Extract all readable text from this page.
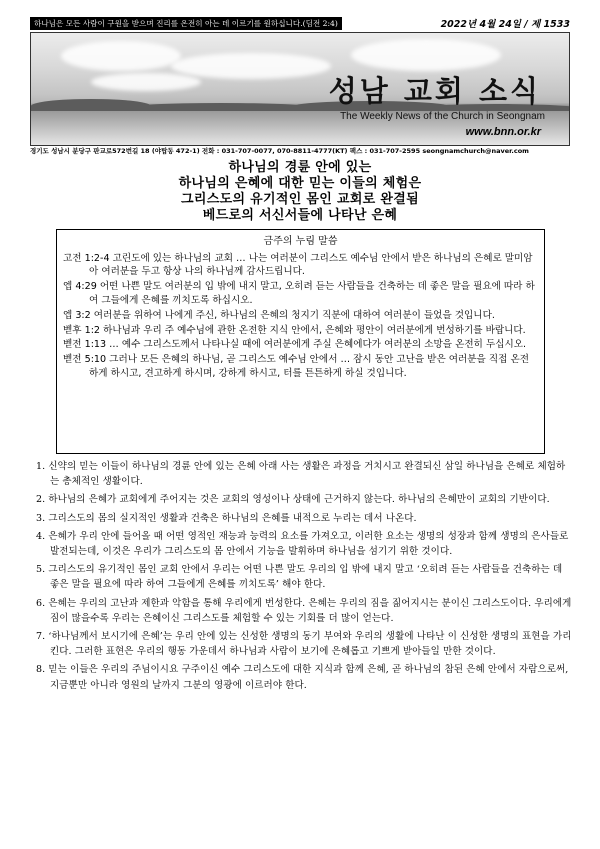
하나님은 모든 사람이 구원을 받으며 진리를 온전히 아는 데 이르기를 원하십니다.(딤전 2:4)	2022년 4월 24일 / 제 1533
성남 교회 소식
The Weekly News of the Church in Seongnam
www.bnn.or.kr
경기도 성남시 분당구 판교로572번길 18 (야탑동 472-1) 전화 : 031-707-0077, 070-8811-4777(KT) 팩스 : 031-707-2595 seongnamchurch@naver.com
하나님의 경륜 안에 있는
하나님의 은혜에 대한 믿는 이들의 체험은
그리스도의 유기적인 몸인 교회로 완결됨
베드로의 서신서들에 나타난 은혜
금주의 누림 말씀

고전 1:2-4 고린도에 있는 하나님의 교회 … 나는 여러분이 그리스도 예수님 안에서 받은 하나님의 은혜로 말미암아 여러분을 두고 항상 나의 하나님께 감사드립니다.

엡 4:29 어떤 나쁜 말도 여러분의 입 밖에 내지 말고, 오히려 듣는 사람들을 건축하는 데 좋은 말을 필요에 따라 하여 그들에게 은혜를 끼치도록 하십시오.

엡 3:2 여러분을 위하여 나에게 주신, 하나님의 은혜의 청지기 직분에 대하여 여러분이 들었을 것입니다.

벧후 1:2 하나님과 우리 주 예수님에 관한 온전한 지식 안에서, 은혜와 평안이 여러분에게 번성하기를 바랍니다.

벧전 1:13 … 예수 그리스도께서 나타나실 때에 여러분에게 주실 은혜에다가 여러분의 소망을 온전히 두십시오.

벧전 5:10 그러나 모든 은혜의 하나님, 곧 그리스도 예수님 안에서 … 잠시 동안 고난을 받은 여러분을 직접 온전하게 하시고, 견고하게 하시며, 강하게 하시고, 터를 튼튼하게 하실 것입니다.

1. 신약의 믿는 이들이 하나님의 경륜 안에 있는 은혜 아래 사는 생활은 과정을 거치시고 완결되신 삼일 하나님을 은혜로 체험하는 총체적인 생활이다.
2. 하나님의 은혜가 교회에게 주어지는 것은 교회의 영성이나 상태에 근거하지 않는다. 하나님의 은혜만이 교회의 기반이다.
3. 그리스도의 몸의 실지적인 생활과 건축은 하나님의 은혜를 내적으로 누리는 데서 나온다.
4. 은혜가 우리 안에 들어올 때 어떤 영적인 재능과 능력의 요소를 가져오고, 이러한 요소는 생명의 성장과 함께 생명의 은사들로 발전되는데, 이것은 우리가 그리스도의 몸 안에서 기능을 발휘하며 하나님을 섬기기 위한 것이다.
5. 그리스도의 유기적인 몸인 교회 안에서 우리는 어떤 나쁜 말도 우리의 입 밖에 내지 말고 ‘오히려 듣는 사람들을 건축하는 데 좋은 말을 필요에 따라 하여 그들에게 은혜를 끼치도록’ 해야 한다.
6. 은혜는 우리의 고난과 제한과 악함을 통해 우리에게 번성한다. 은혜는 우리의 짐을 짊어지시는 분이신 그리스도이다. 우리에게 짐이 많을수록 우리는 은혜이신 그리스도를 체험할 수 있는 기회를 더 많이 얻는다.
7. ‘하나님께서 보시기에 은혜’는 우리 안에 있는 신성한 생명의 동기 부여와 우리의 생활에 나타난 이 신성한 생명의 표현을 가리킨다. 그러한 표현은 우리의 행동 가운데서 하나님과 사람이 보기에 은혜롭고 기쁘게 받아들일 만한 것이다.
8. 믿는 이들은 우리의 주님이시요 구주이신 예수 그리스도에 대한 지식과 함께 은혜, 곧 하나님의 참된 은혜 안에서 자람으로써, 지금뿐만 아니라 영원의 날까지 그분의 영광에 이르러야 한다.
